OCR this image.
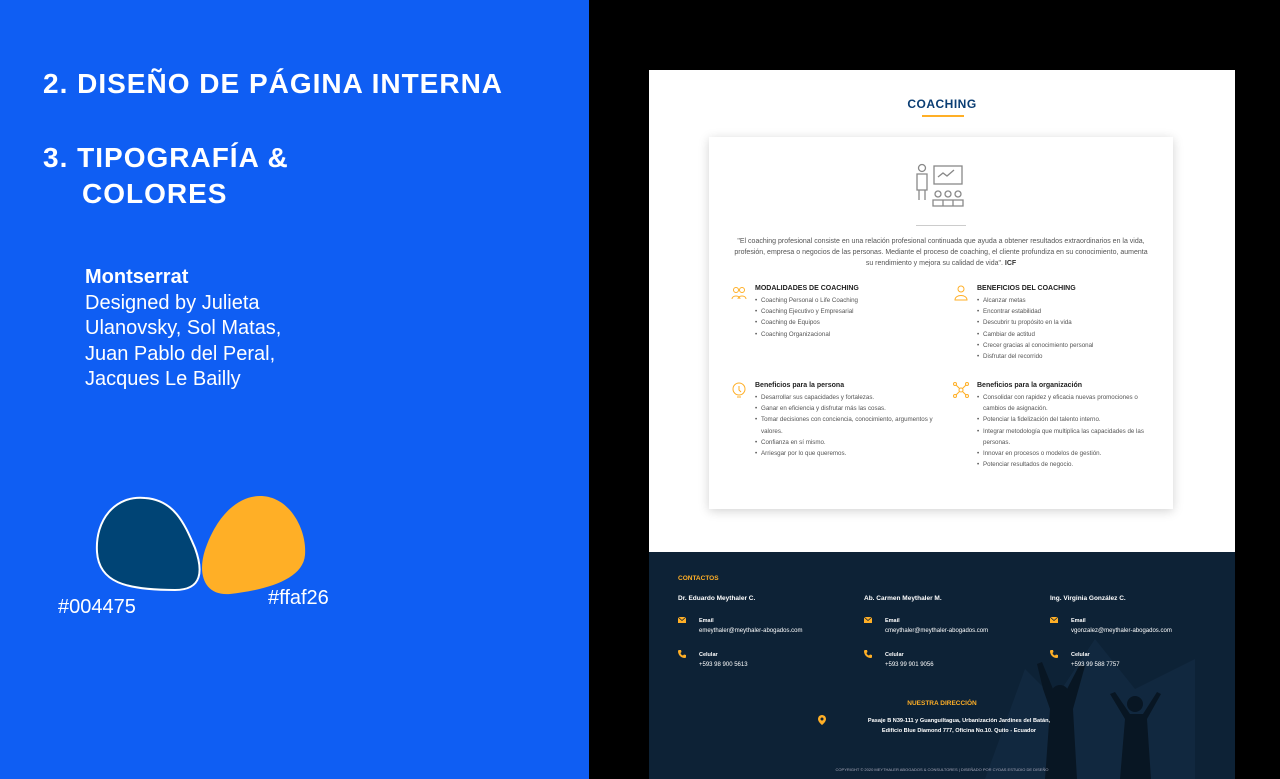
2. DISEÑO DE PÁGINA INTERNA
3. TIPOGRAFÍA &
COLORES
Montserrat
Designed by Julieta
Ulanovsky, Sol Matas,
Juan Pablo del Peral,
Jacques Le Bailly
#004475	#ffaf26
COACHING
"El coaching profesional consiste en una relación profesional continuada que ayuda a obtener resultados extraordinarios en la vida, profesión, empresa o negocios de las personas. Mediante el proceso de coaching, el cliente profundiza en su conocimiento, aumenta su rendimiento y mejora su calidad de vida". ICF
MODALIDADES DE COACHING
• Coaching Personal o Life Coaching
• Coaching Ejecutivo y Empresarial
• Coaching de Equipos
• Coaching Organizacional
BENEFICIOS DEL COACHING
• Alcanzar metas
• Encontrar estabilidad
• Descubrir tu propósito en la vida
• Cambiar de actitud
• Crecer gracias al conocimiento personal
• Disfrutar del recorrido
Beneficios para la persona
• Desarrollar sus capacidades y fortalezas.
• Ganar en eficiencia y disfrutar más las cosas.
• Tomar decisiones con conciencia, conocimiento, argumentos y valores.
• Confianza en sí mismo.
• Arriesgar por lo que queremos.
Beneficios para la organización
• Consolidar con rapidez y eficacia nuevas promociones o cambios de asignación.
• Potenciar la fidelización del talento interno.
• Integrar metodología que multiplica las capacidades de las personas.
• Innovar en procesos o modelos de gestión.
• Potenciar resultados de negocio.
CONTACTOS
Dr. Eduardo Meythaler C.
Email
emeythaler@meythaler-abogados.com
Celular
+593 98 900 5613
Ab. Carmen Meythaler M.
Email
cmeythaler@meythaler-abogados.com
Celular
+593 99 901 9056
Ing. Virginia González C.
Email
vgonzalez@meythaler-abogados.com
Celular
+593 99 588 7757
NUESTRA DIRECCIÓN
Pasaje B N39-111 y Guanguiltagua, Urbanización Jardines del Batán,
Edificio Blue Diamond 777, Oficina No.10. Quito - Ecuador
COPYRIGHT © 2020 MEYTHALER ABOGADOS & CONSULTORES | DISEÑADO POR CYDAS ESTUDIO DE DISEÑO
